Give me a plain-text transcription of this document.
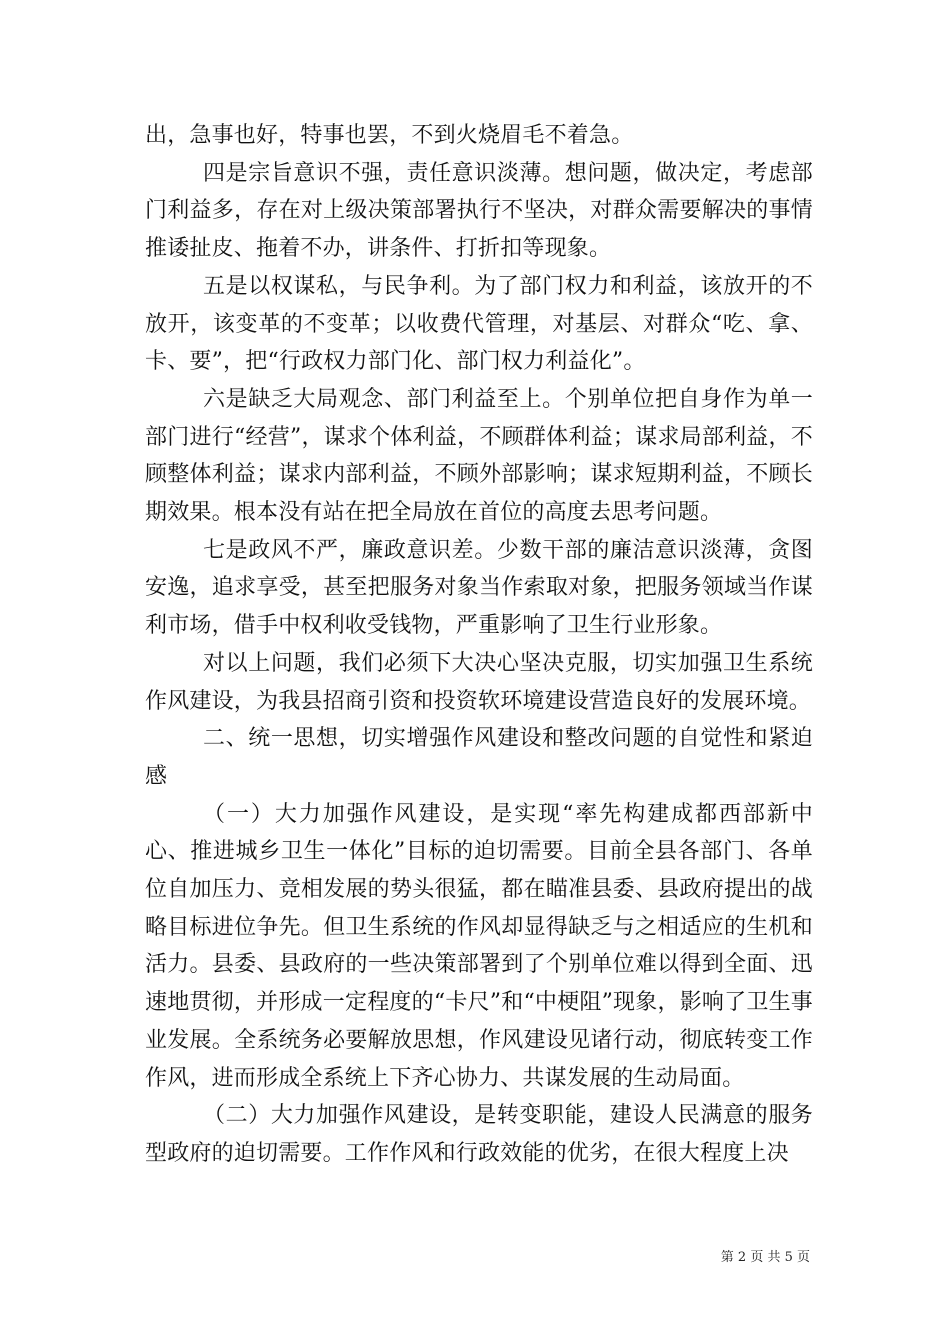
出，急事也好，特事也罢，不到火烧眉毛不着急。

四是宗旨意识不强，责任意识淡薄。想问题，做决定，考虑部门利益多，存在对上级决策部署执行不坚决，对群众需要解决的事情推诿扯皮、拖着不办，讲条件、打折扣等现象。

五是以权谋私，与民争利。为了部门权力和利益，该放开的不放开，该变革的不变革；以收费代管理，对基层、对群众“吃、拿、卡、要”，把“行政权力部门化、部门权力利益化”。

六是缺乏大局观念、部门利益至上。个别单位把自身作为单一部门进行“经营”，谋求个体利益，不顾群体利益；谋求局部利益，不顾整体利益；谋求内部利益，不顾外部影响；谋求短期利益，不顾长期效果。根本没有站在把全局放在首位的高度去思考问题。

七是政风不严，廉政意识差。少数干部的廉洁意识淡薄，贪图安逸，追求享受，甚至把服务对象当作索取对象，把服务领域当作谋利市场，借手中权利收受钱物，严重影响了卫生行业形象。

对以上问题，我们必须下大决心坚决克服，切实加强卫生系统作风建设，为我县招商引资和投资软环境建设营造良好的发展环境。

二、统一思想，切实增强作风建设和整改问题的自觉性和紧迫感

（一）大力加强作风建设，是实现“率先构建成都西部新中心、推进城乡卫生一体化”目标的迫切需要。目前全县各部门、各单位自加压力、竞相发展的势头很猛，都在瞄准县委、县政府提出的战略目标进位争先。但卫生系统的作风却显得缺乏与之相适应的生机和活力。县委、县政府的一些决策部署到了个别单位难以得到全面、迅速地贯彻，并形成一定程度的“卡尺”和“中梗阻”现象，影响了卫生事业发展。全系统务必要解放思想，作风建设见诸行动，彻底转变工作作风，进而形成全系统上下齐心协力、共谋发展的生动局面。

（二）大力加强作风建设，是转变职能，建设人民满意的服务型政府的迫切需要。工作作风和行政效能的优劣，在很大程度上决

第 2 页 共 5 页
